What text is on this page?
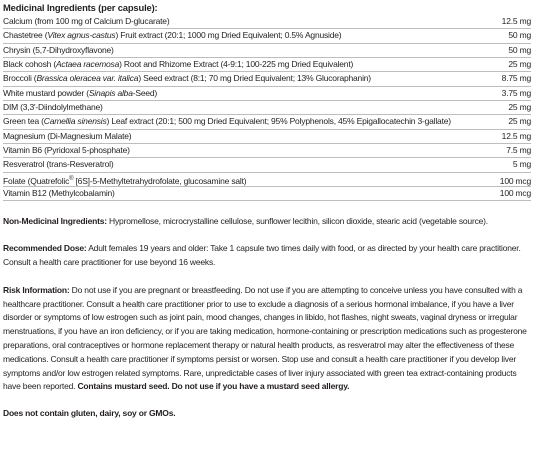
Medicinal Ingredients (per capsule):
Calcium (from 100 mg of Calcium D-glucarate)	12.5 mg
Chastetree (Vitex agnus-castus) Fruit extract (20:1; 1000 mg Dried Equivalent; 0.5% Agnuside)	50 mg
Chrysin (5,7-Dihydroxyflavone)	50 mg
Black cohosh (Actaea racemosa) Root and Rhizome Extract (4-9:1; 100-225 mg Dried Equivalent)	25 mg
Broccoli (Brassica oleracea var. italica) Seed extract (8:1; 70 mg Dried Equivalent; 13% Glucoraphanin)	8.75 mg
White mustard powder (Sinapis alba-Seed)	3.75 mg
DIM (3,3'-Diindolylmethane)	25 mg
Green tea (Camellia sinensis) Leaf extract (20:1; 500 mg Dried Equivalent; 95% Polyphenols, 45% Epigallocatechin 3-gallate)	25 mg
Magnesium (Di-Magnesium Malate)	12.5 mg
Vitamin B6 (Pyridoxal 5-phosphate)	7.5 mg
Resveratrol (trans-Resveratrol)	5 mg
Folate (Quatrefolic® [6S]-5-Methyltetrahydrofolate, glucosamine salt)	100 mcg
Vitamin B12 (Methylcobalamin)	100 mcg

Non-Medicinal Ingredients: Hypromellose, microcrystalline cellulose, sunflower lecithin, silicon dioxide, stearic acid (vegetable source).

Recommended Dose: Adult females 19 years and older: Take 1 capsule two times daily with food, or as directed by your health care practitioner. Consult a health care practitioner for use beyond 16 weeks.

Risk Information: Do not use if you are pregnant or breastfeeding. Do not use if you are attempting to conceive unless you have consulted with a healthcare practitioner. Consult a health care practitioner prior to use to exclude a diagnosis of a serious hormonal imbalance, if you have a liver disorder or symptoms of low estrogen such as joint pain, mood changes, changes in libido, hot flashes, night sweats, vaginal dryness or irregular menstruations, if you have an iron deficiency, or if you are taking medication, hormone-containing or prescription medications such as progesterone preparations, oral contraceptives or hormone replacement therapy or natural health products, as resveratrol may alter the effectiveness of these medications. Consult a health care practitioner if symptoms persist or worsen. Stop use and consult a health care practitioner if you develop liver symptoms and/or low estrogen related symptoms. Rare, unpredictable cases of liver injury associated with green tea extract-containing products have been reported. Contains mustard seed. Do not use if you have a mustard seed allergy.

Does not contain gluten, dairy, soy or GMOs.
